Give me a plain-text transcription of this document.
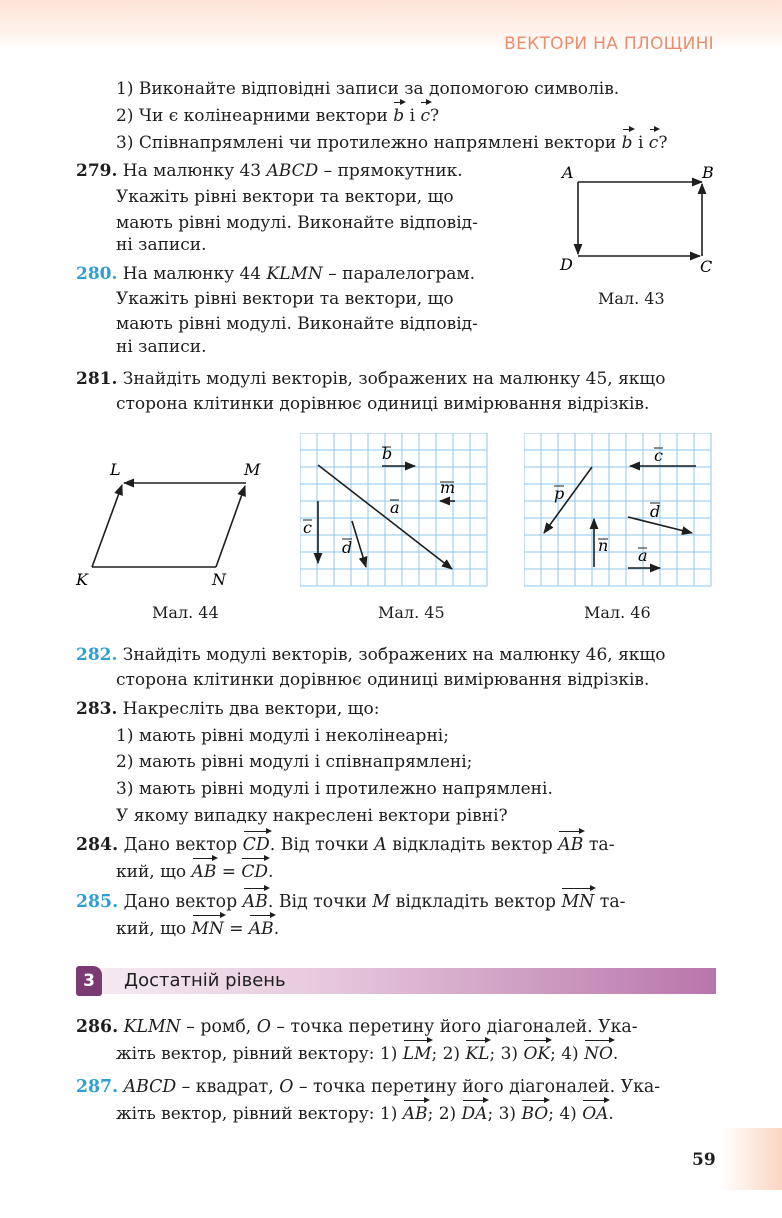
ВЕКТОРИ НА ПЛОЩИНІ
1) Виконайте відповідні записи за допомогою символів.
2) Чи є колінеарними вектори b і c?
3) Співнапрямлені чи протилежно напрямлені вектори b і c?
279. На малюнку 43 ABCD – прямокутник.
Укажіть рівні вектори та вектори, що
мають рівні модулі. Виконайте відповід-
ні записи.
280. На малюнку 44 KLMN – паралелограм.
Укажіть рівні вектори та вектори, що
мають рівні модулі. Виконайте відповід-
ні записи.
A	B
C
D
Мал. 43
281. Знайдіть модулі векторів, зображених на малюнку 45, якщо
сторона клітинки дорівнює одиниці вимірювання відрізків.
K
L	M
N
Мал. 44
b
m
a
c
d
Мал. 45
c
p
d
n
a
Мал. 46
282. Знайдіть модулі векторів, зображених на малюнку 46, якщо
сторона клітинки дорівнює одиниці вимірювання відрізків.
283. Накресліть два вектори, що:
1) мають рівні модулі і неколінеарні;
2) мають рівні модулі і співнапрямлені;
3) мають рівні модулі і протилежно напрямлені.
У якому випадку накреслені вектори рівні?
284. Дано вектор CD. Від точки A відкладіть вектор AB та-
кий, що AB = CD.
285. Дано вектор AB. Від точки M відкладіть вектор MN та-
кий, що MN = AB.
3	Достатній рівень
286. KLMN – ромб, O – точка перетину його діагоналей. Ука-
жіть вектор, рівний вектору: 1) LM; 2) KL; 3) OK; 4) NO.
287. ABCD – квадрат, O – точка перетину його діагоналей. Ука-
жіть вектор, рівний вектору: 1) AB; 2) DA; 3) BO; 4) OA.
59
